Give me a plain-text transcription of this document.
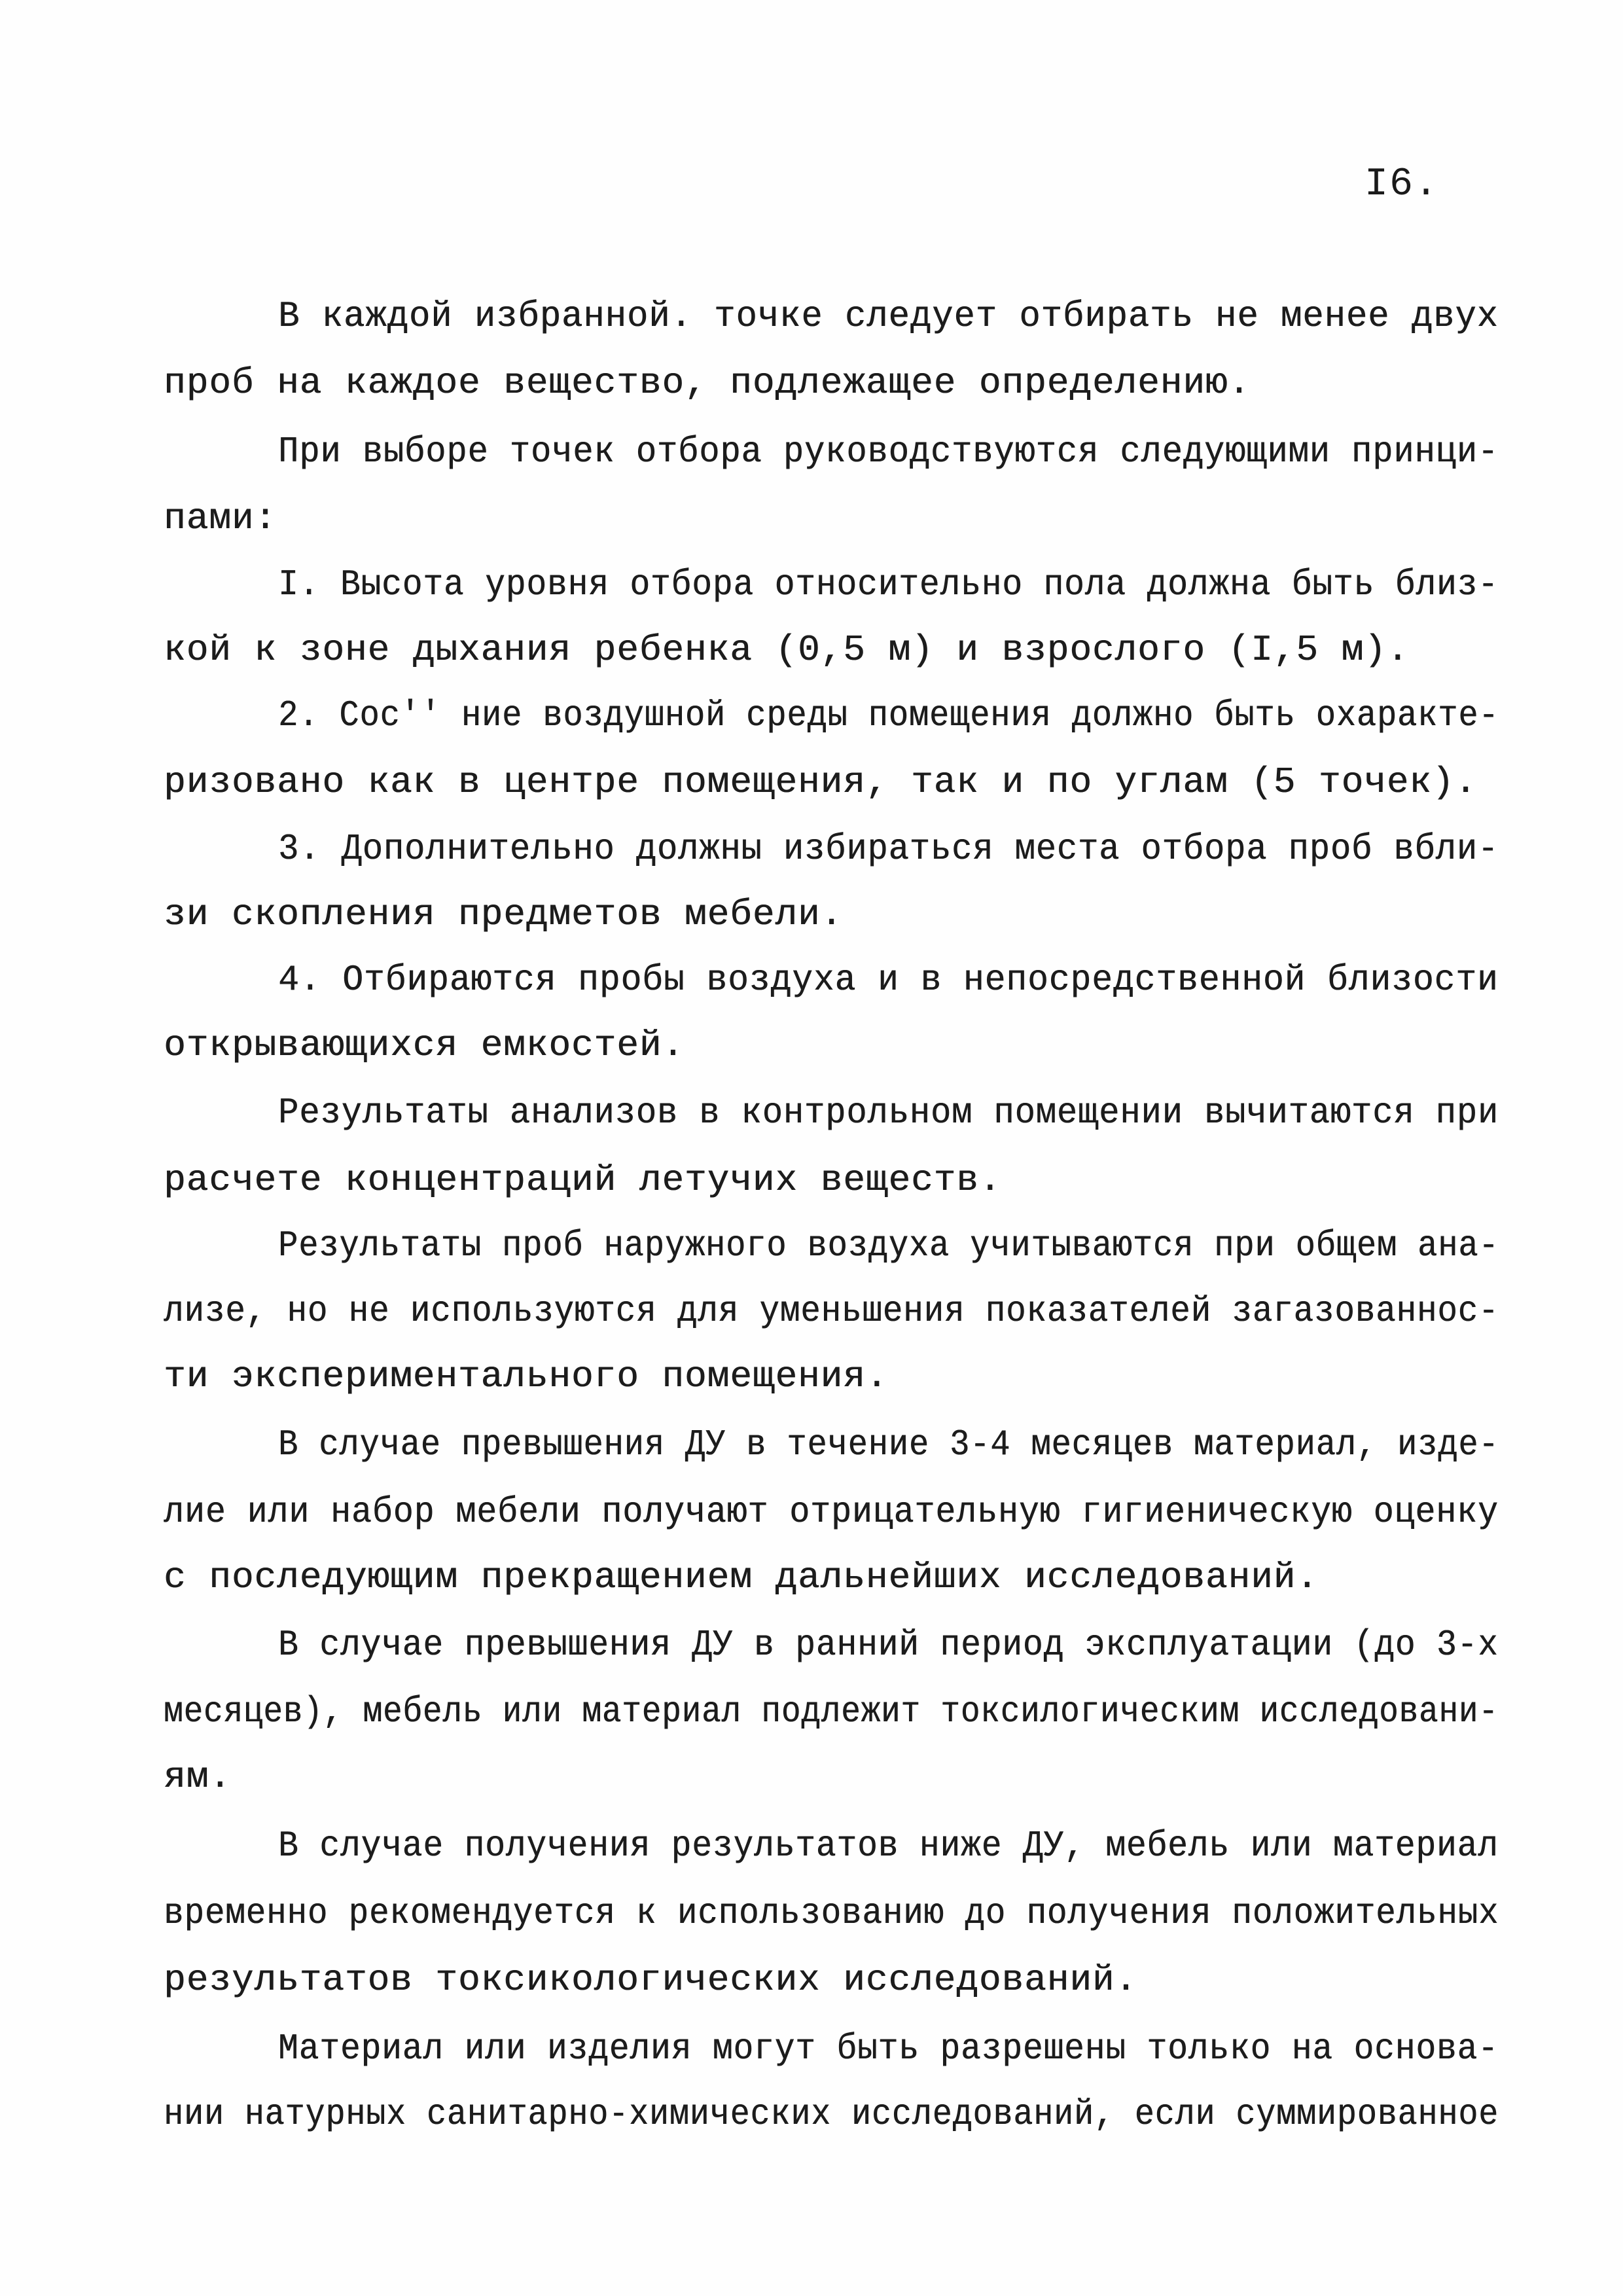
I6.
В каждой избранной. точке следует отбирать не менее двух
проб на каждое вещество, подлежащее определению.
При выборе точек отбора руководствуются следующими принци-
пами:
I. Высота уровня отбора относительно пола должна быть близ-
кой к зоне дыхания ребенка (0,5 м) и взрослого (I,5 м).
2. Сос'' ние воздушной среды помещения должно быть охаракте-
ризовано как в центре помещения, так и по углам (5 точек).
3. Дополнительно должны избираться места отбора проб вбли-
зи скопления предметов мебели.
4. Отбираются пробы воздуха и в непосредственной близости
открывающихся емкостей.
Результаты анализов в контрольном помещении вычитаются при
расчете концентраций летучих веществ.
Результаты проб наружного воздуха учитываются при общем ана-
лизе, но не используются для уменьшения показателей загазованнос-
ти экспериментального помещения.
В случае превышения ДУ в течение 3-4 месяцев материал, изде-
лие или набор мебели получают отрицательную гигиеническую оценку
с последующим прекращением дальнейших исследований.
В случае превышения ДУ в ранний период эксплуатации (до 3-х
месяцев), мебель или материал подлежит токсилогическим исследовани-
ям.
В случае получения результатов ниже ДУ, мебель или материал
временно рекомендуется к использованию до получения положительных
результатов токсикологических исследований.
Материал или изделия могут быть разрешены только на основа-
нии натурных санитарно-химических исследований, если суммированное
